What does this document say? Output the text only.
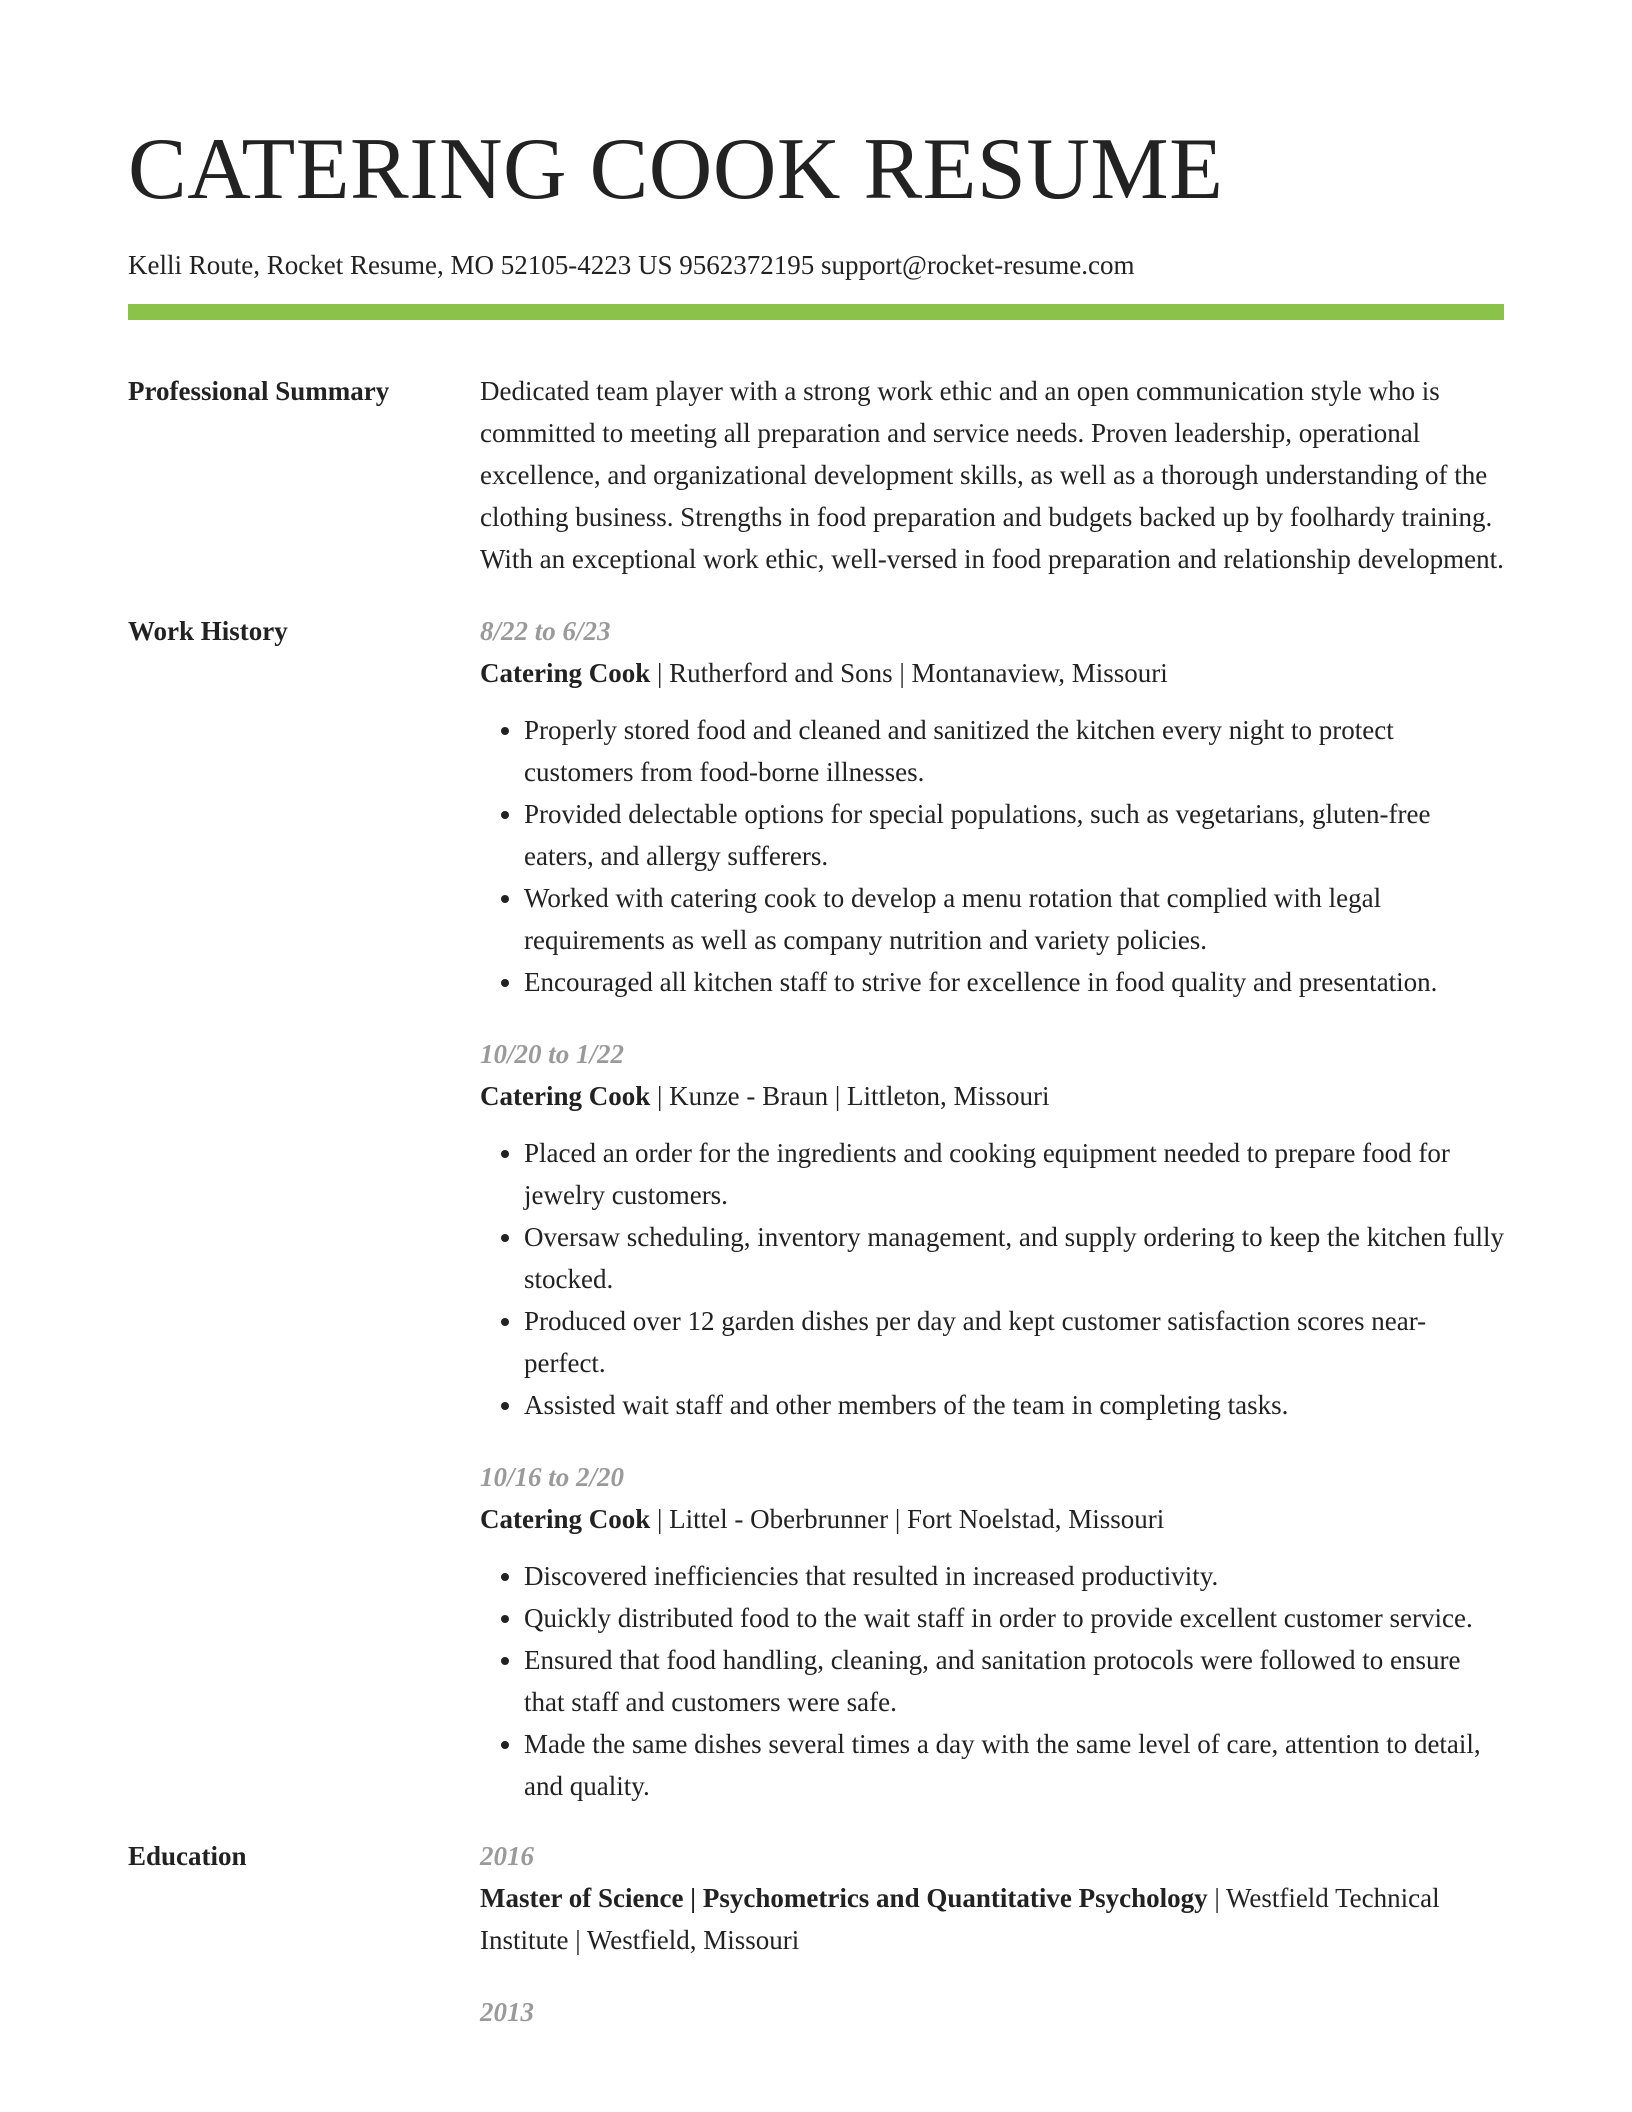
CATERING COOK RESUME
Kelli Route, Rocket Resume, MO 52105-4223 US 9562372195 support@rocket-resume.com
Professional Summary	Dedicated team player with a strong work ethic and an open communication style who is committed to meeting all preparation and service needs. Proven leadership, operational excellence, and organizational development skills, as well as a thorough understanding of the clothing business. Strengths in food preparation and budgets backed up by foolhardy training. With an exceptional work ethic, well-versed in food preparation and relationship development.
Work History	8/22 to 6/23
Catering Cook | Rutherford and Sons | Montanaview, Missouri
• Properly stored food and cleaned and sanitized the kitchen every night to protect customers from food-borne illnesses.
• Provided delectable options for special populations, such as vegetarians, gluten-free eaters, and allergy sufferers.
• Worked with catering cook to develop a menu rotation that complied with legal requirements as well as company nutrition and variety policies.
• Encouraged all kitchen staff to strive for excellence in food quality and presentation.
10/20 to 1/22
Catering Cook | Kunze - Braun | Littleton, Missouri
• Placed an order for the ingredients and cooking equipment needed to prepare food for jewelry customers.
• Oversaw scheduling, inventory management, and supply ordering to keep the kitchen fully stocked.
• Produced over 12 garden dishes per day and kept customer satisfaction scores near-perfect.
• Assisted wait staff and other members of the team in completing tasks.
10/16 to 2/20
Catering Cook | Littel - Oberbrunner | Fort Noelstad, Missouri
• Discovered inefficiencies that resulted in increased productivity.
• Quickly distributed food to the wait staff in order to provide excellent customer service.
• Ensured that food handling, cleaning, and sanitation protocols were followed to ensure that staff and customers were safe.
• Made the same dishes several times a day with the same level of care, attention to detail, and quality.
Education	2016
Master of Science | Psychometrics and Quantitative Psychology | Westfield Technical Institute | Westfield, Missouri
2013
